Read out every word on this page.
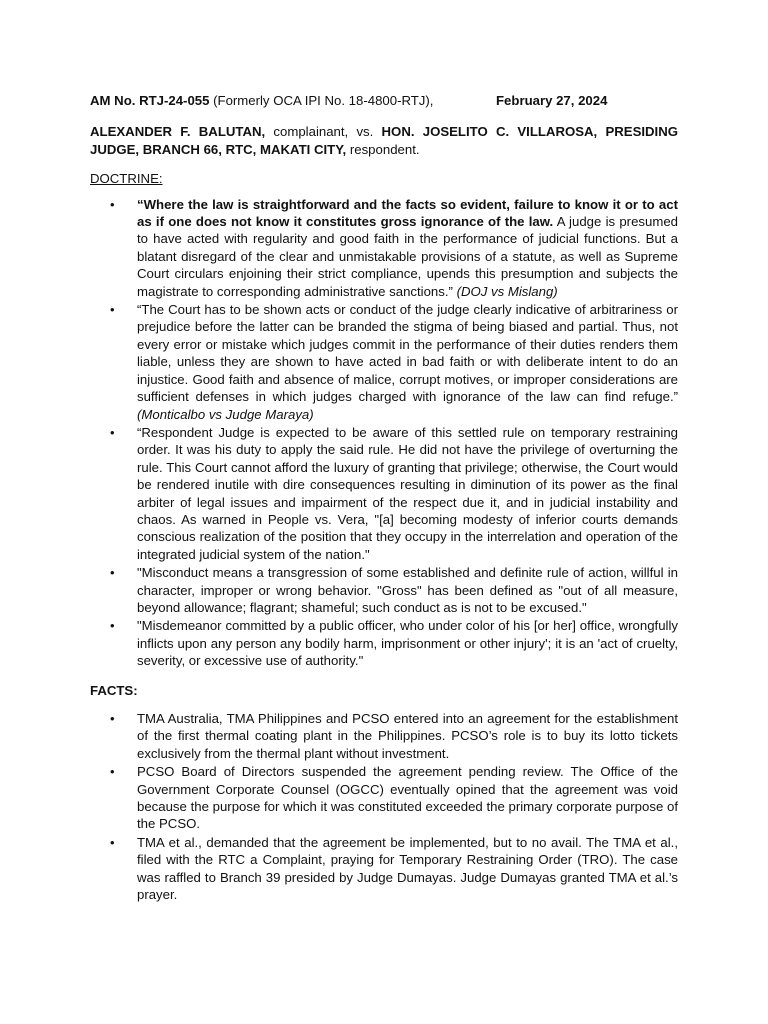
AM No. RTJ-24-055 (Formerly OCA IPI No. 18-4800-RTJ),	February 27, 2024
ALEXANDER F. BALUTAN, complainant, vs. HON. JOSELITO C. VILLAROSA, PRESIDING JUDGE, BRANCH 66, RTC, MAKATI CITY, respondent.
DOCTRINE:
• “Where the law is straightforward and the facts so evident, failure to know it or to act as if one does not know it constitutes gross ignorance of the law. A judge is presumed to have acted with regularity and good faith in the performance of judicial functions. But a blatant disregard of the clear and unmistakable provisions of a statute, as well as Supreme Court circulars enjoining their strict compliance, upends this presumption and subjects the magistrate to corresponding administrative sanctions.” (DOJ vs Mislang)
• “The Court has to be shown acts or conduct of the judge clearly indicative of arbitrariness or prejudice before the latter can be branded the stigma of being biased and partial. Thus, not every error or mistake which judges commit in the performance of their duties renders them liable, unless they are shown to have acted in bad faith or with deliberate intent to do an injustice. Good faith and absence of malice, corrupt motives, or improper considerations are sufficient defenses in which judges charged with ignorance of the law can find refuge.” (Monticalbo vs Judge Maraya)
• “Respondent Judge is expected to be aware of this settled rule on temporary restraining order. It was his duty to apply the said rule. He did not have the privilege of overturning the rule. This Court cannot afford the luxury of granting that privilege; otherwise, the Court would be rendered inutile with dire consequences resulting in diminution of its power as the final arbiter of legal issues and impairment of the respect due it, and in judicial instability and chaos. As warned in People vs. Vera, "[a] becoming modesty of inferior courts demands conscious realization of the position that they occupy in the interrelation and operation of the integrated judicial system of the nation."
• "Misconduct means a transgression of some established and definite rule of action, willful in character, improper or wrong behavior. "Gross" has been defined as "out of all measure, beyond allowance; flagrant; shameful; such conduct as is not to be excused."
• "Misdemeanor committed by a public officer, who under color of his [or her] office, wrongfully inflicts upon any person any bodily harm, imprisonment or other injury'; it is an 'act of cruelty, severity, or excessive use of authority."
FACTS:
• TMA Australia, TMA Philippines and PCSO entered into an agreement for the establishment of the first thermal coating plant in the Philippines. PCSO’s role is to buy its lotto tickets exclusively from the thermal plant without investment.
• PCSO Board of Directors suspended the agreement pending review. The Office of the Government Corporate Counsel (OGCC) eventually opined that the agreement was void because the purpose for which it was constituted exceeded the primary corporate purpose of the PCSO.
• TMA et al., demanded that the agreement be implemented, but to no avail. The TMA et al., filed with the RTC a Complaint, praying for Temporary Restraining Order (TRO). The case was raffled to Branch 39 presided by Judge Dumayas. Judge Dumayas granted TMA et al.’s prayer.
